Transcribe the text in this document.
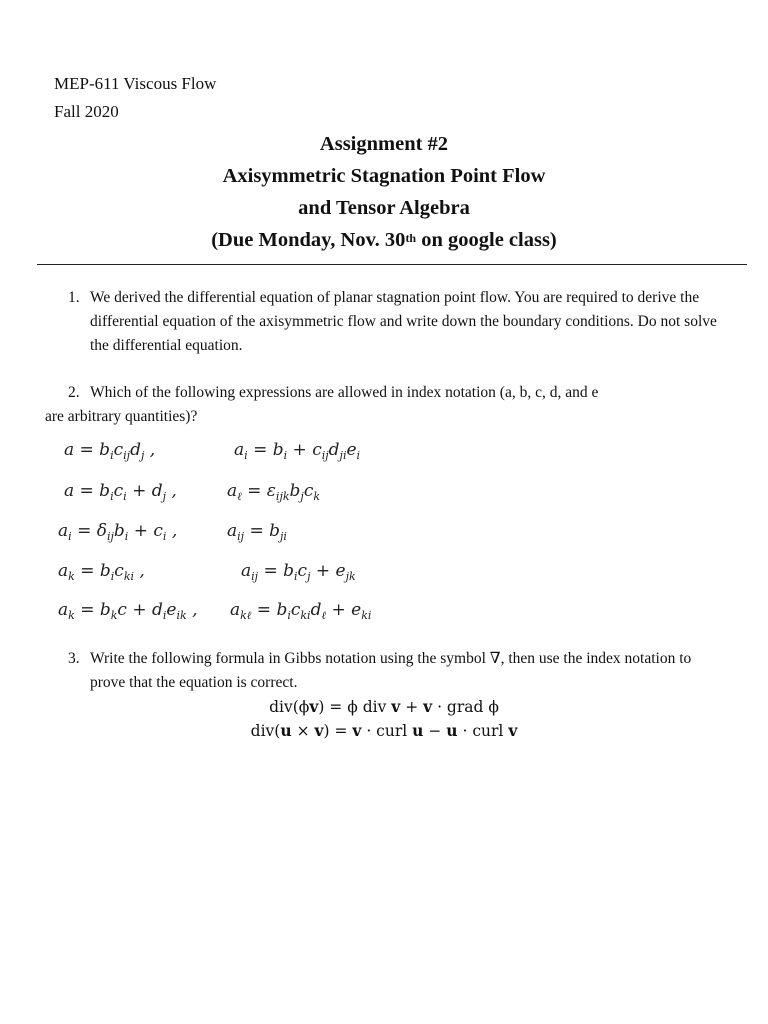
MEP-611 Viscous Flow
Fall 2020
Assignment #2
Axisymmetric Stagnation Point Flow
and Tensor Algebra
(Due Monday, Nov. 30th on google class)
1. We derived the differential equation of planar stagnation point flow. You are required to derive the differential equation of the axisymmetric flow and write down the boundary conditions. Do not solve the differential equation.
2. Which of the following expressions are allowed in index notation (a, b, c, d, and e
are arbitrary quantities)?
$a = b_ic_{ij}d_j$ ,	$a_i = b_i + c_{ij}d_{ji}e_i$
$a = b_ic_i + d_j$ ,	$a_\ell = \varepsilon_{ijk}b_jc_k$
$a_i = \delta_{ij}b_i + c_i$ ,	$a_{ij} = b_{ji}$
$a_k = b_ic_{ki}$ ,	$a_{ij} = b_ic_j + e_{jk}$
$a_k = b_kc + d_ie_{ik}$ , $a_{k\ell} = b_ic_{ki}d_\ell + e_{ki}$
3. Write the following formula in Gibbs notation using the symbol ∇, then use the index notation to prove that the equation is correct.
div(ϕv) = ϕ div v + v · grad ϕ
div(u × v) = v · curl u − u · curl v
